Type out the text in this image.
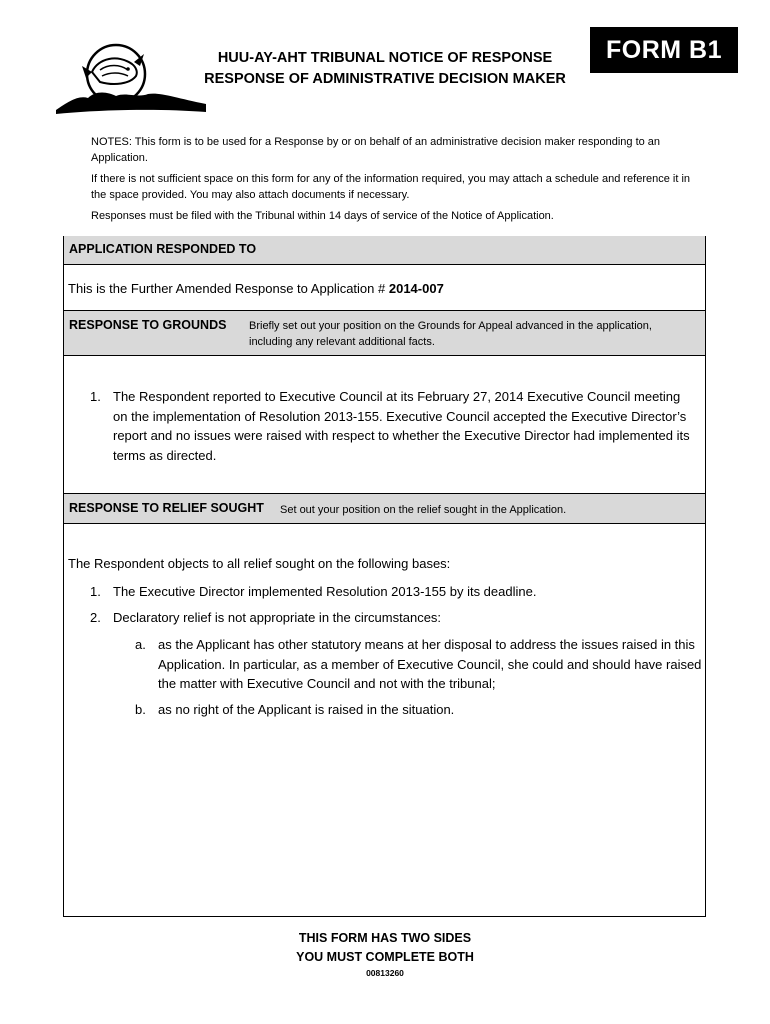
HUU-AY-AHT TRIBUNAL NOTICE OF RESPONSE
RESPONSE OF ADMINISTRATIVE DECISION MAKER
FORM B1

NOTES: This form is to be used for a Response by or on behalf of an administrative decision maker responding to an Application.

If there is not sufficient space on this form for any of the information required, you may attach a schedule and reference it in the space provided. You may also attach documents if necessary.

Responses must be filed with the Tribunal within 14 days of service of the Notice of Application.

APPLICATION RESPONDED TO
This is the Further Amended Response to Application # 2014-007
RESPONSE TO GROUNDS Briefly set out your position on the Grounds for Appeal advanced in the application, including any relevant additional facts.
1. The Respondent reported to Executive Council at its February 27, 2014 Executive Council meeting on the implementation of Resolution 2013-155. Executive Council accepted the Executive Director’s report and no issues were raised with respect to whether the Executive Director had implemented its terms as directed.
RESPONSE TO RELIEF SOUGHT Set out your position on the relief sought in the Application.
The Respondent objects to all relief sought on the following bases:
1. The Executive Director implemented Resolution 2013-155 by its deadline.
2. Declaratory relief is not appropriate in the circumstances:
a. as the Applicant has other statutory means at her disposal to address the issues raised in this Application. In particular, as a member of Executive Council, she could and should have raised the matter with Executive Council and not with the tribunal;
b. as no right of the Applicant is raised in the situation.
THIS FORM HAS TWO SIDES
YOU MUST COMPLETE BOTH
00813260
